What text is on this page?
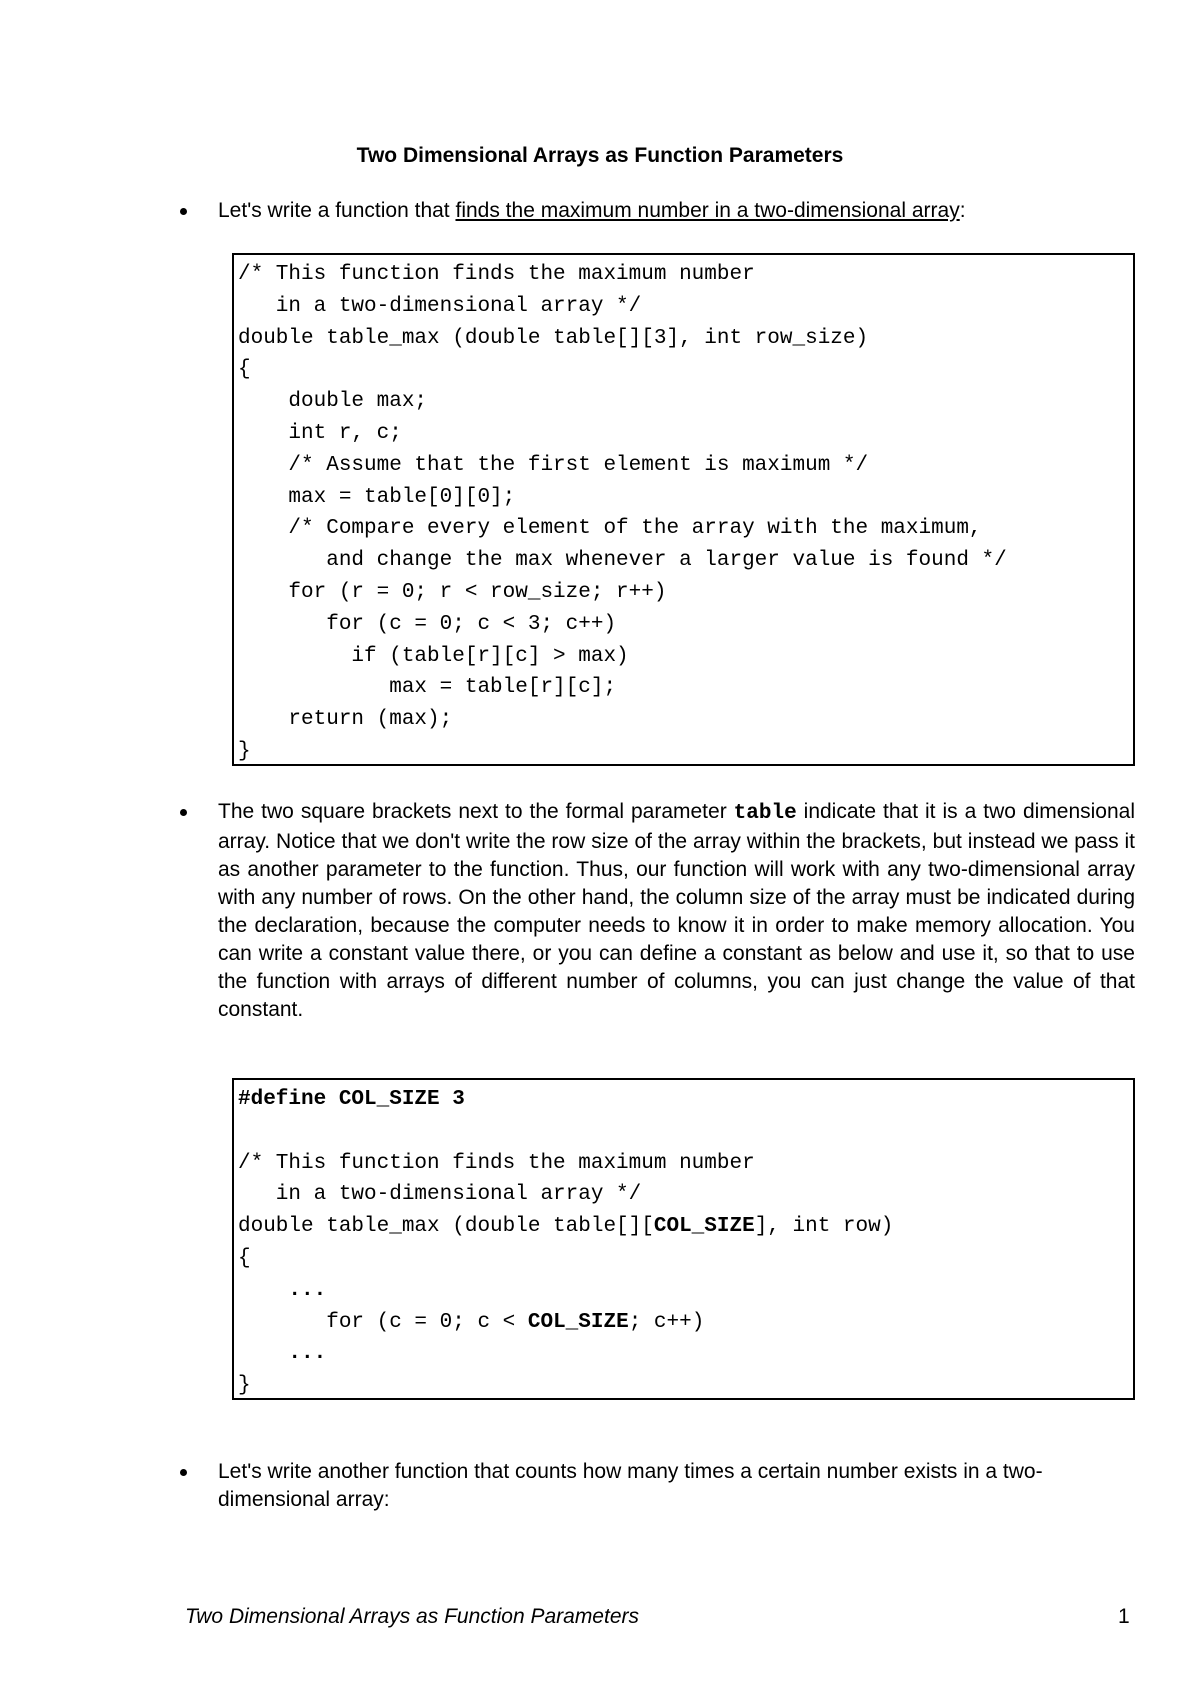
Two Dimensional Arrays as Function Parameters
Let's write a function that finds the maximum number in a two-dimensional array:
/* This function finds the maximum number
in a two-dimensional array */
double table_max (double table[][3], int row_size)
{
double max;
int r, c;
/* Assume that the first element is maximum */
max = table[0][0];
/* Compare every element of the array with the maximum,
and change the max whenever a larger value is found */
for (r = 0; r < row_size; r++)
for (c = 0; c < 3; c++)
if (table[r][c] > max)
max = table[r][c];
return (max);
}
The two square brackets next to the formal parameter table indicate that it is a two dimensional array. Notice that we don't write the row size of the array within the brackets, but instead we pass it as another parameter to the function. Thus, our function will work with any two-dimensional array with any number of rows. On the other hand, the column size of the array must be indicated during the declaration, because the computer needs to know it in order to make memory allocation. You can write a constant value there, or you can define a constant as below and use it, so that to use the function with arrays of different number of columns, you can just change the value of that constant.
#define COL_SIZE 3

/* This function finds the maximum number
in a two-dimensional array */
double table_max (double table[][COL_SIZE], int row)
{
...
for (c = 0; c < COL_SIZE; c++)
...
}
Let's write another function that counts how many times a certain number exists in a two-dimensional array:
Two Dimensional Arrays as Function Parameters	1
